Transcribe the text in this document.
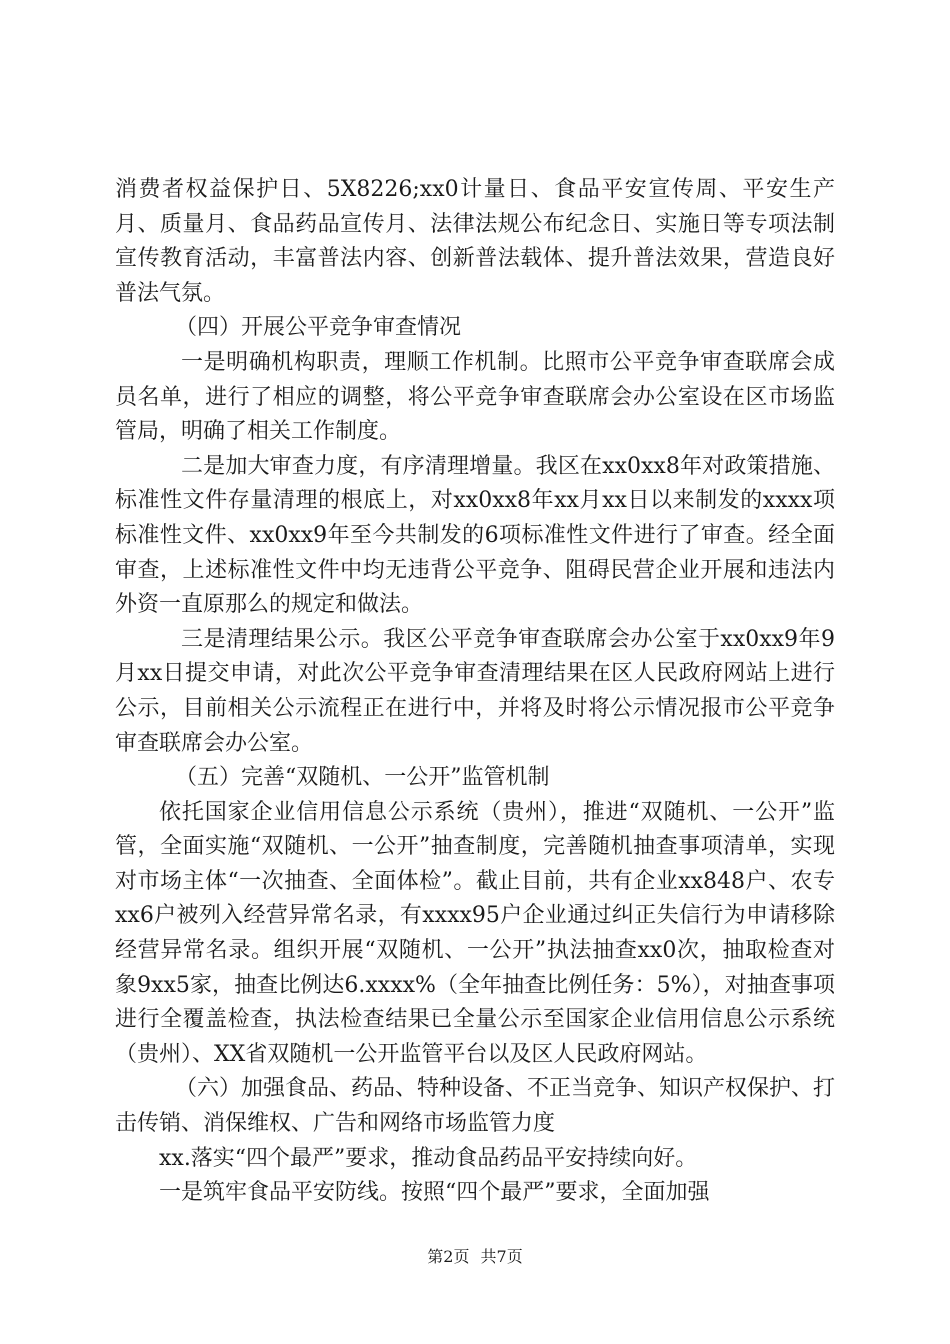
消费者权益保护日、5X8226;xx0计量日、食品平安宣传周、平安生产月、质量月、食品药品宣传月、法律法规公布纪念日、实施日等专项法制宣传教育活动，丰富普法内容、创新普法载体、提升普法效果，营造良好普法气氛。

（四）开展公平竞争审查情况

一是明确机构职责，理顺工作机制。比照市公平竞争审查联席会成员名单，进行了相应的调整，将公平竞争审查联席会办公室设在区市场监管局，明确了相关工作制度。

二是加大审查力度，有序清理增量。我区在xx0xx8年对政策措施、标准性文件存量清理的根底上，对xx0xx8年xx月xx日以来制发的xxxx项标准性文件、xx0xx9年至今共制发的6项标准性文件进行了审查。经全面审查，上述标准性文件中均无违背公平竞争、阻碍民营企业开展和违法内外资一直原那么的规定和做法。

三是清理结果公示。我区公平竞争审查联席会办公室于xx0xx9年9月xx日提交申请，对此次公平竞争审查清理结果在区人民政府网站上进行公示，目前相关公示流程正在进行中，并将及时将公示情况报市公平竞争审查联席会办公室。

（五）完善“双随机、一公开”监管机制

依托国家企业信用信息公示系统（贵州），推进“双随机、一公开”监管，全面实施“双随机、一公开”抽查制度，完善随机抽查事项清单，实现对市场主体“一次抽查、全面体检”。截止目前，共有企业xx848户、农专xx6户被列入经营异常名录，有xxxx95户企业通过纠正失信行为申请移除经营异常名录。组织开展“双随机、一公开”执法抽查xx0次，抽取检查对象9xx5家，抽查比例达6.xxxx%（全年抽查比例任务：5%），对抽查事项进行全覆盖检查，执法检查结果已全量公示至国家企业信用信息公示系统（贵州）、XX省双随机一公开监管平台以及区人民政府网站。

（六）加强食品、药品、特种设备、不正当竞争、知识产权保护、打击传销、消保维权、广告和网络市场监管力度

xx.落实“四个最严”要求，推动食品药品平安持续向好。

一是筑牢食品平安防线。按照“四个最严”要求，全面加强

第2页 共7页
